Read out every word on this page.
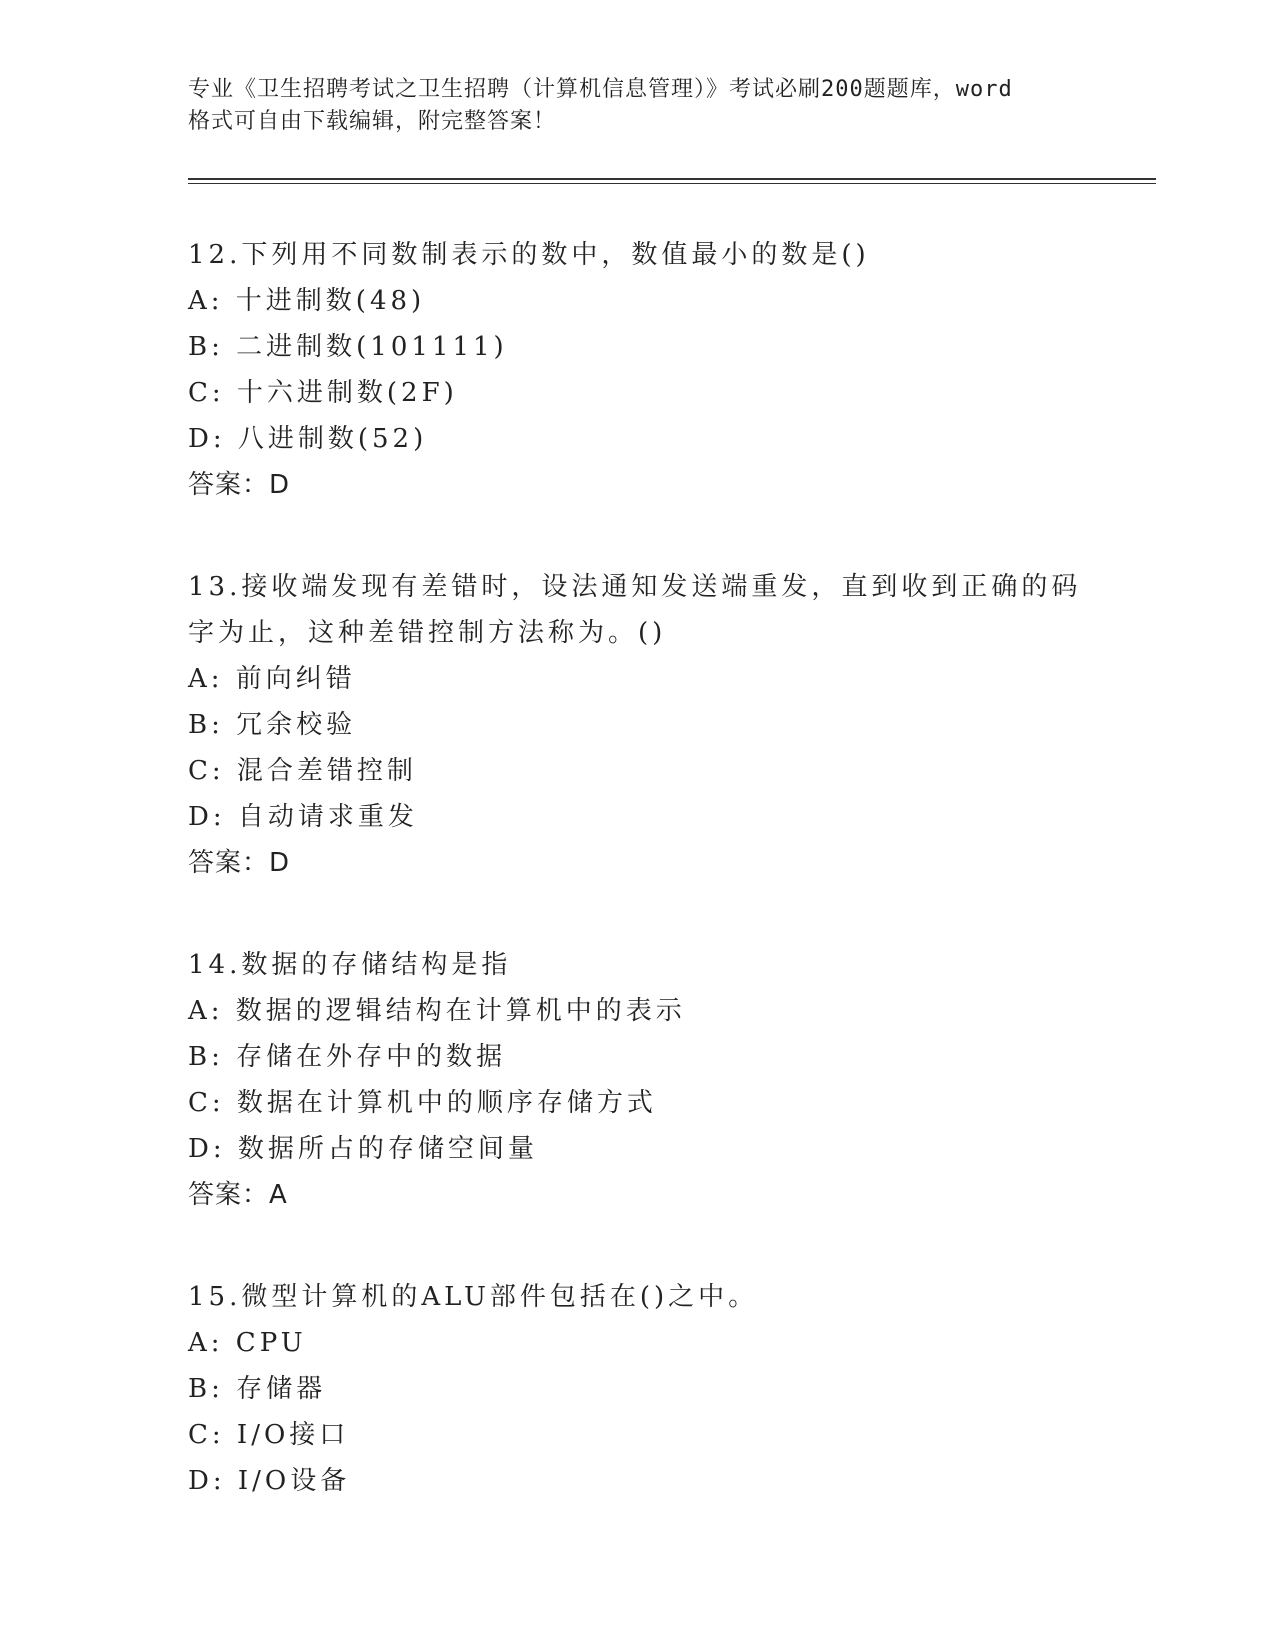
专业《卫生招聘考试之卫生招聘（计算机信息管理）》考试必刷200题题库，word
格式可自由下载编辑，附完整答案！
12.下列用不同数制表示的数中，数值最小的数是()
A: 十进制数(48)
B: 二进制数(101111)
C: 十六进制数(2F)
D: 八进制数(52)
答案：D
13.接收端发现有差错时，设法通知发送端重发，直到收到正确的码字为止，这种差错控制方法称为。()
A: 前向纠错
B: 冗余校验
C: 混合差错控制
D: 自动请求重发
答案：D
14.数据的存储结构是指
A: 数据的逻辑结构在计算机中的表示
B: 存储在外存中的数据
C: 数据在计算机中的顺序存储方式
D: 数据所占的存储空间量
答案：A
15.微型计算机的ALU部件包括在()之中。
A: CPU
B: 存储器
C: I/O接口
D: I/O设备
